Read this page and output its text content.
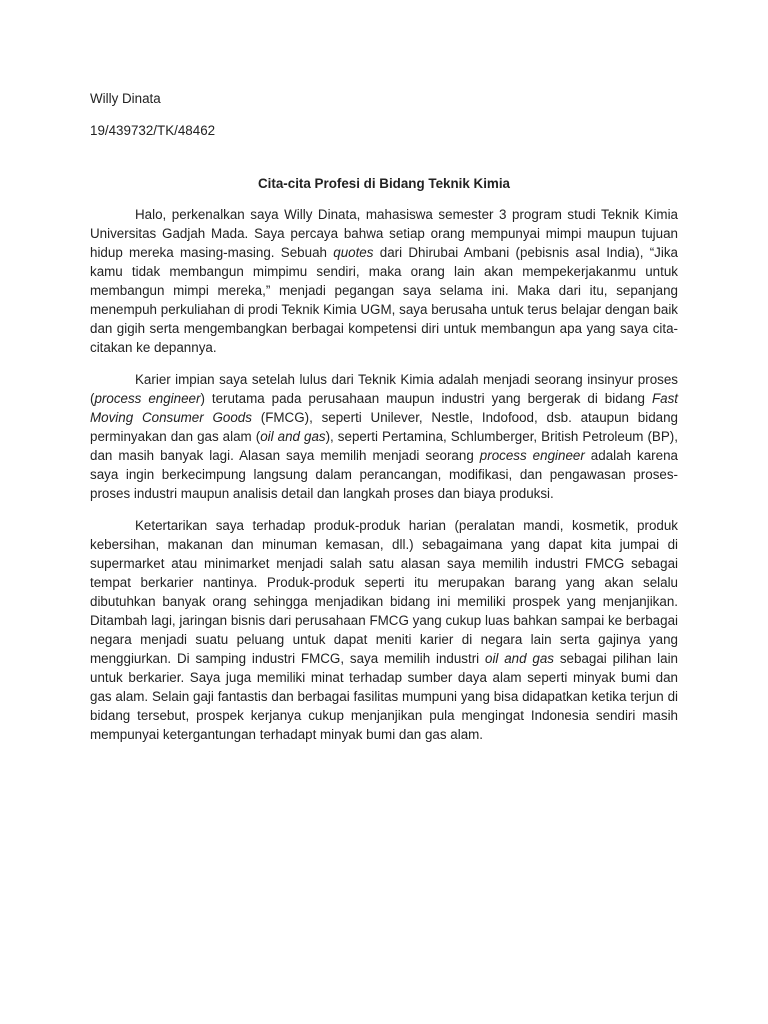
Willy Dinata
19/439732/TK/48462
Cita-cita Profesi di Bidang Teknik Kimia

Halo, perkenalkan saya Willy Dinata, mahasiswa semester 3 program studi Teknik Kimia Universitas Gadjah Mada. Saya percaya bahwa setiap orang mempunyai mimpi maupun tujuan hidup mereka masing-masing. Sebuah quotes dari Dhirubai Ambani (pebisnis asal India), “Jika kamu tidak membangun mimpimu sendiri, maka orang lain akan mempekerjakanmu untuk membangun mimpi mereka,” menjadi pegangan saya selama ini. Maka dari itu, sepanjang menempuh perkuliahan di prodi Teknik Kimia UGM, saya berusaha untuk terus belajar dengan baik dan gigih serta mengembangkan berbagai kompetensi diri untuk membangun apa yang saya cita-citakan ke depannya.

Karier impian saya setelah lulus dari Teknik Kimia adalah menjadi seorang insinyur proses (process engineer) terutama pada perusahaan maupun industri yang bergerak di bidang Fast Moving Consumer Goods (FMCG), seperti Unilever, Nestle, Indofood, dsb. ataupun bidang perminyakan dan gas alam (oil and gas), seperti Pertamina, Schlumberger, British Petroleum (BP), dan masih banyak lagi. Alasan saya memilih menjadi seorang process engineer adalah karena saya ingin berkecimpung langsung dalam perancangan, modifikasi, dan pengawasan proses-proses industri maupun analisis detail dan langkah proses dan biaya produksi.

Ketertarikan saya terhadap produk-produk harian (peralatan mandi, kosmetik, produk kebersihan, makanan dan minuman kemasan, dll.) sebagaimana yang dapat kita jumpai di supermarket atau minimarket menjadi salah satu alasan saya memilih industri FMCG sebagai tempat berkarier nantinya. Produk-produk seperti itu merupakan barang yang akan selalu dibutuhkan banyak orang sehingga menjadikan bidang ini memiliki prospek yang menjanjikan. Ditambah lagi, jaringan bisnis dari perusahaan FMCG yang cukup luas bahkan sampai ke berbagai negara menjadi suatu peluang untuk dapat meniti karier di negara lain serta gajinya yang menggiurkan. Di samping industri FMCG, saya memilih industri oil and gas sebagai pilihan lain untuk berkarier. Saya juga memiliki minat terhadap sumber daya alam seperti minyak bumi dan gas alam. Selain gaji fantastis dan berbagai fasilitas mumpuni yang bisa didapatkan ketika terjun di bidang tersebut, prospek kerjanya cukup menjanjikan pula mengingat Indonesia sendiri masih mempunyai ketergantungan terhadapt minyak bumi dan gas alam.
